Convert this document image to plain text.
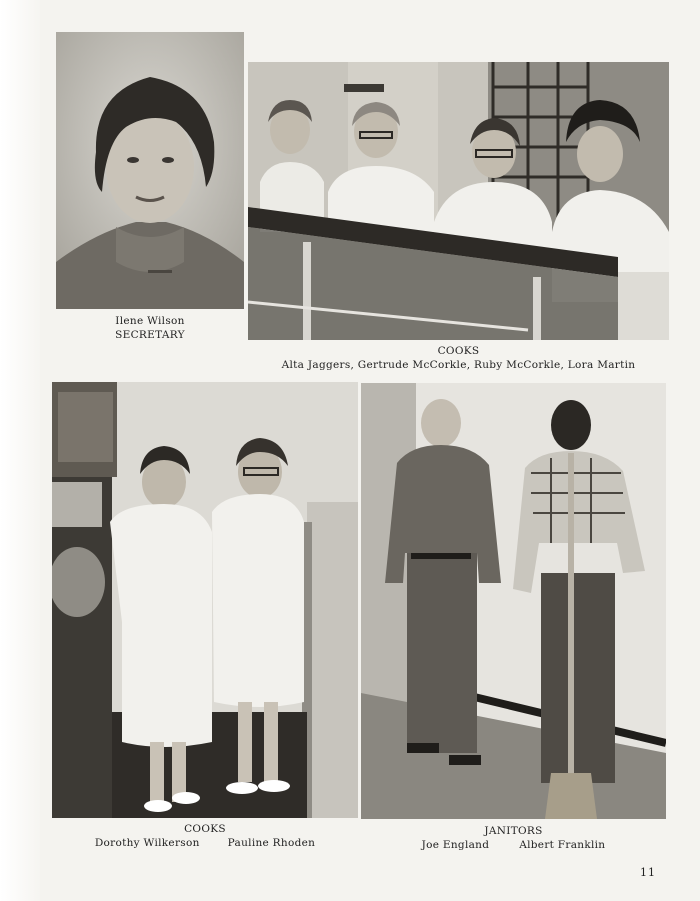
Ilene Wilson
SECRETARY
COOKS
Alta Jaggers, Gertrude McCorkle, Ruby McCorkle, Lora Martin
COOKS
Dorothy Wilkerson	Pauline Rhoden
JANITORS
Joe England	Albert Franklin
11
